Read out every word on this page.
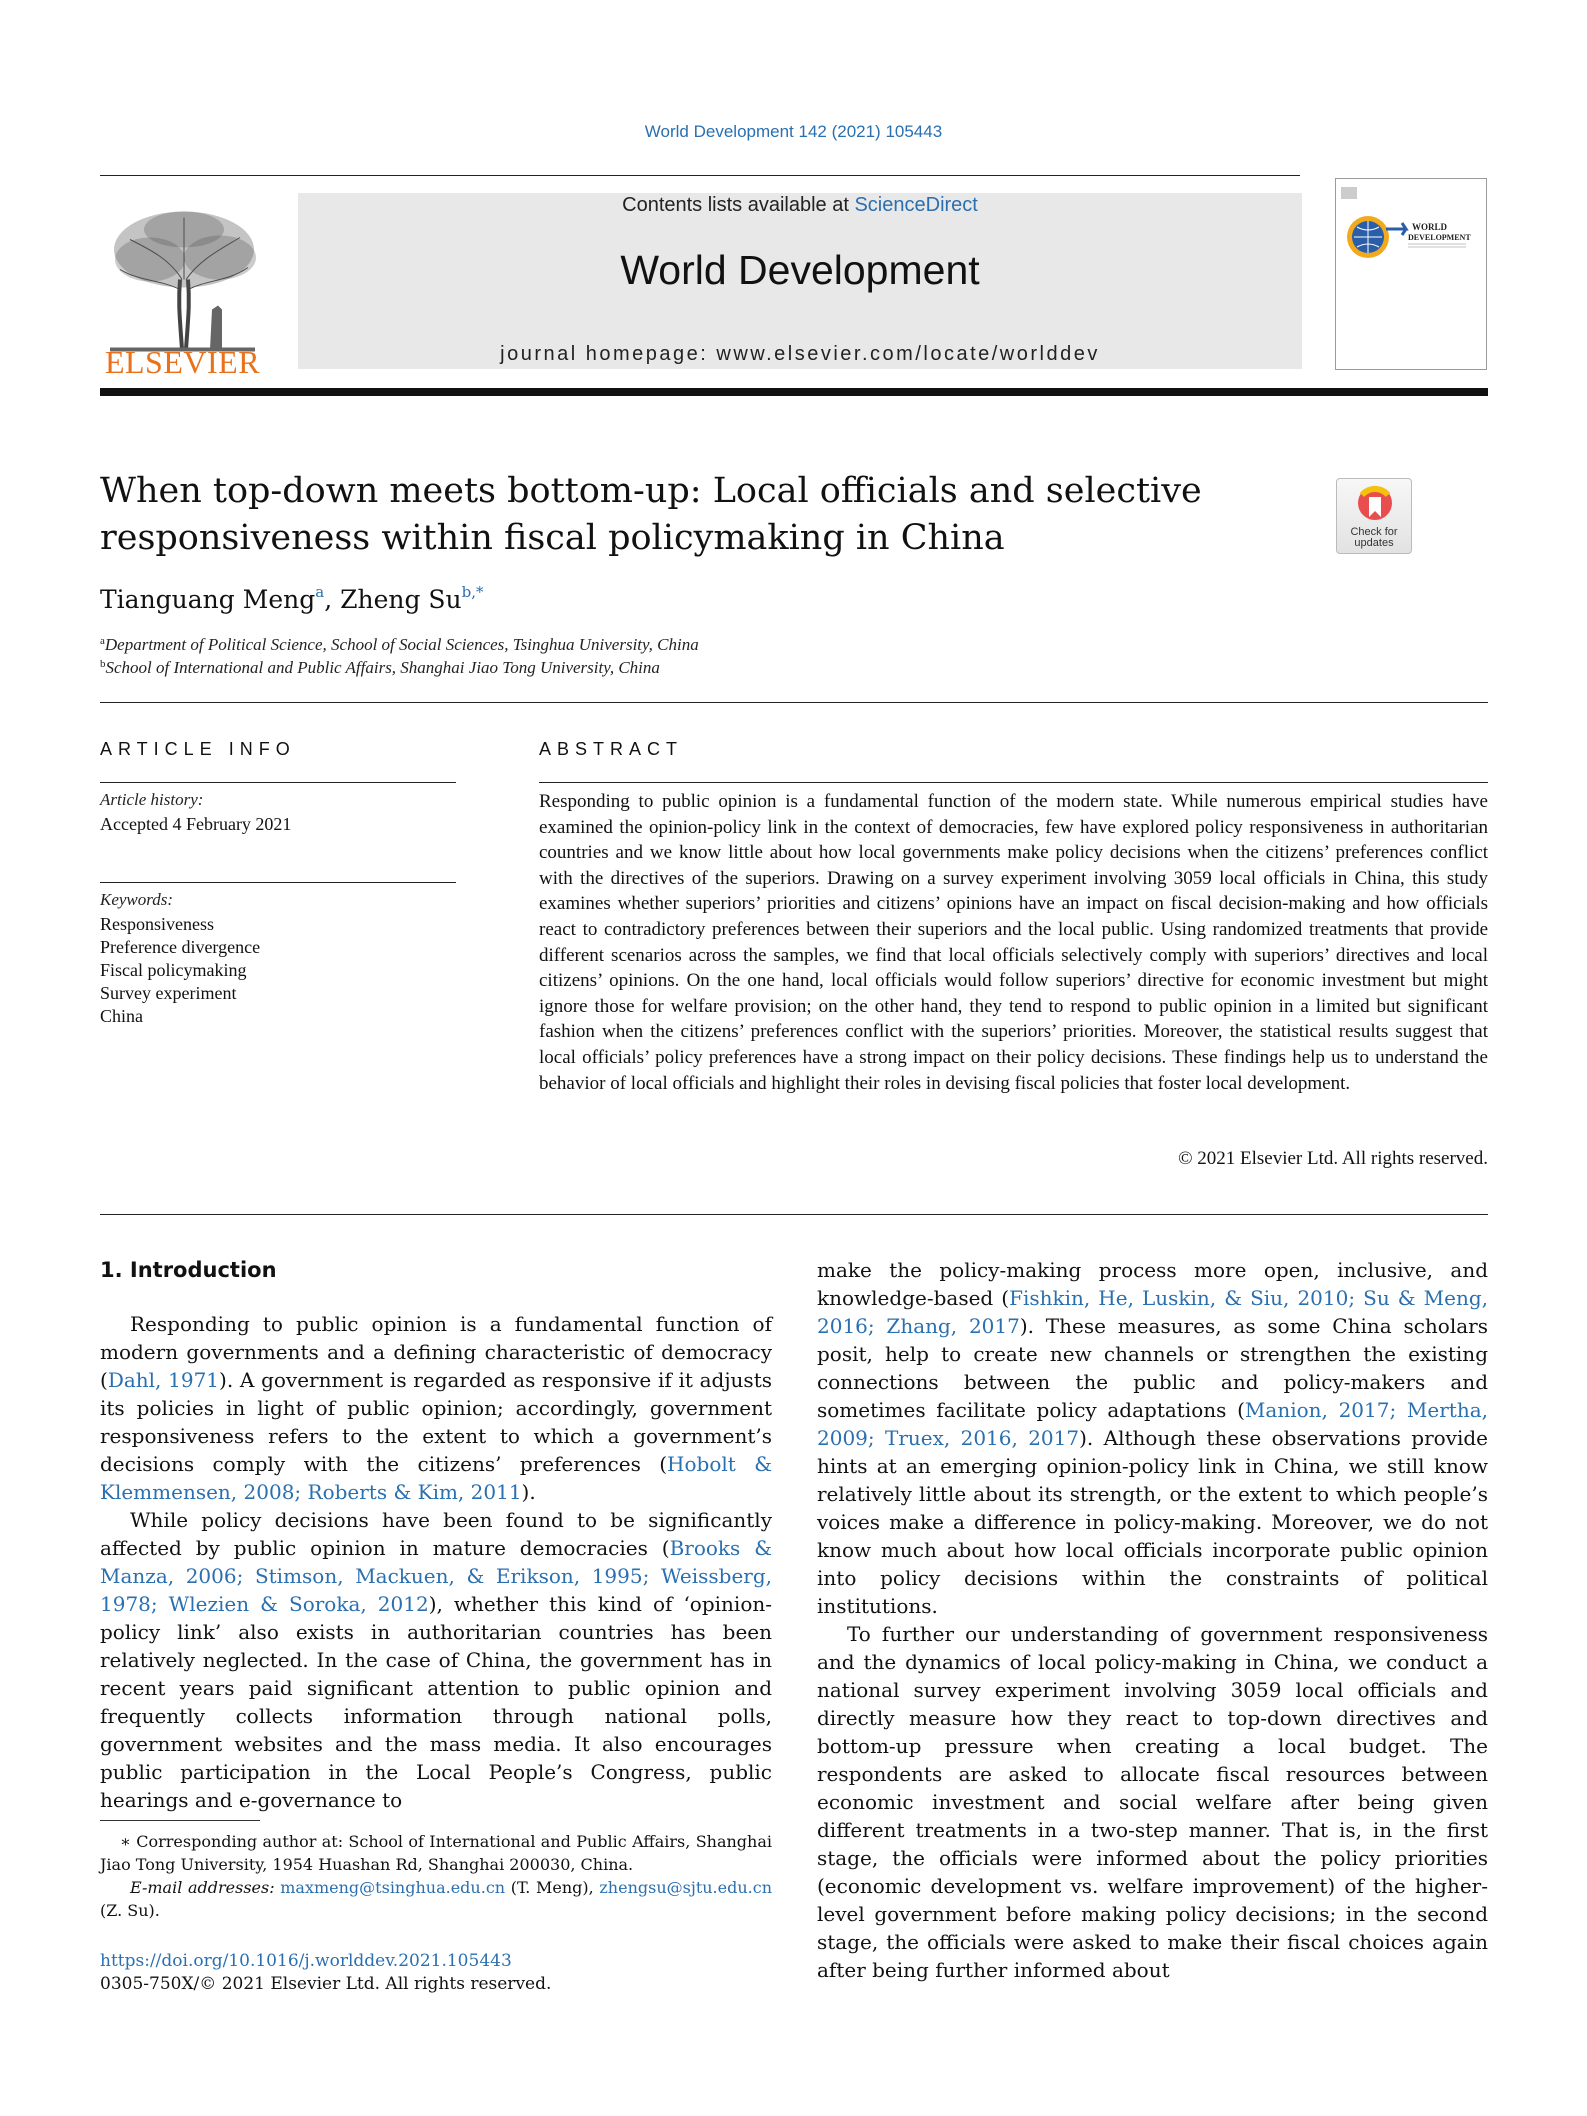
World Development 142 (2021) 105443
ELSEVIER
Contents lists available at ScienceDirect
World Development
journal homepage: www.elsevier.com/locate/worlddev
WORLD
DEVELOPMENT
When top-down meets bottom-up: Local officials and selective responsiveness within fiscal policymaking in China	Check for
updates
Tianguang Meng$^a$, Zheng $Su^{b,*}$
$^a$Department of Political Science, School of Social Sciences, Tsinghua University, China
$^b$School of International and Public Affairs, Shanghai Jiao Tong University, China
ARTICLE INFO
Article history:
Accepted 4 February 2021
Keywords:
Responsiveness
Preference divergence
Fiscal policymaking
Survey experiment
China
ABSTRACT
Responding to public opinion is a fundamental function of the modern state. While numerous empirical studies have examined the opinion-policy link in the context of democracies, few have explored policy responsiveness in authoritarian countries and we know little about how local governments make policy decisions when the citizens’ preferences conflict with the directives of the superiors. Drawing on a survey experiment involving 3059 local officials in China, this study examines whether superiors’ priorities and citizens’ opinions have an impact on fiscal decision-making and how officials react to contradictory preferences between their superiors and the local public. Using randomized treatments that provide different scenarios across the samples, we find that local officials selectively comply with superiors’ directives and local citizens’ opinions. On the one hand, local officials would follow superiors’ directive for economic investment but might ignore those for welfare provision; on the other hand, they tend to respond to public opinion in a limited but significant fashion when the citizens’ preferences conflict with the superiors’ priorities. Moreover, the statistical results suggest that local officials’ policy preferences have a strong impact on their policy decisions. These findings help us to understand the behavior of local officials and highlight their roles in devising fiscal policies that foster local development.
© 2021 Elsevier Ltd. All rights reserved.
1. Introduction

Responding to public opinion is a fundamental function of modern governments and a defining characteristic of democracy (Dahl, 1971). A government is regarded as responsive if it adjusts its policies in light of public opinion; accordingly, government responsiveness refers to the extent to which a government’s decisions comply with the citizens’ preferences (Hobolt & Klemmensen, 2008; Roberts & Kim, 2011).

While policy decisions have been found to be significantly affected by public opinion in mature democracies (Brooks & Manza, 2006; Stimson, Mackuen, & Erikson, 1995; Weissberg, 1978; Wlezien & Soroka, 2012), whether this kind of ‘opinion-policy link’ also exists in authoritarian countries has been relatively neglected. In the case of China, the government has in recent years paid significant attention to public opinion and frequently collects information through national polls, government websites and the mass media. It also encourages public participation in the Local People’s Congress, public hearings and e-governance to

make the policy-making process more open, inclusive, and knowledge-based (Fishkin, He, Luskin, & Siu, 2010; Su & Meng, 2016; Zhang, 2017). These measures, as some China scholars posit, help to create new channels or strengthen the existing connections between the public and policy-makers and sometimes facilitate policy adaptations (Manion, 2017; Mertha, 2009; Truex, 2016, 2017). Although these observations provide hints at an emerging opinion-policy link in China, we still know relatively little about its strength, or the extent to which people’s voices make a difference in policy-making. Moreover, we do not know much about how local officials incorporate public opinion into policy decisions within the constraints of political institutions.

To further our understanding of government responsiveness and the dynamics of local policy-making in China, we conduct a national survey experiment involving 3059 local officials and directly measure how they react to top-down directives and bottom-up pressure when creating a local budget. The respondents are asked to allocate fiscal resources between economic investment and social welfare after being given different treatments in a two-step manner. That is, in the first stage, the officials were informed about the policy priorities (economic development vs. welfare improvement) of the higher-level government before making policy decisions; in the second stage, the officials were asked to make their fiscal choices again after being further informed about

∗ Corresponding author at: School of International and Public Affairs, Shanghai Jiao Tong University, 1954 Huashan Rd, Shanghai 200030, China.
E-mail addresses: maxmeng@tsinghua.edu.cn (T. Meng), zhengsu@sjtu.edu.cn (Z. Su).
https://doi.org/10.1016/j.worlddev.2021.105443
0305-750X/© 2021 Elsevier Ltd. All rights reserved.
